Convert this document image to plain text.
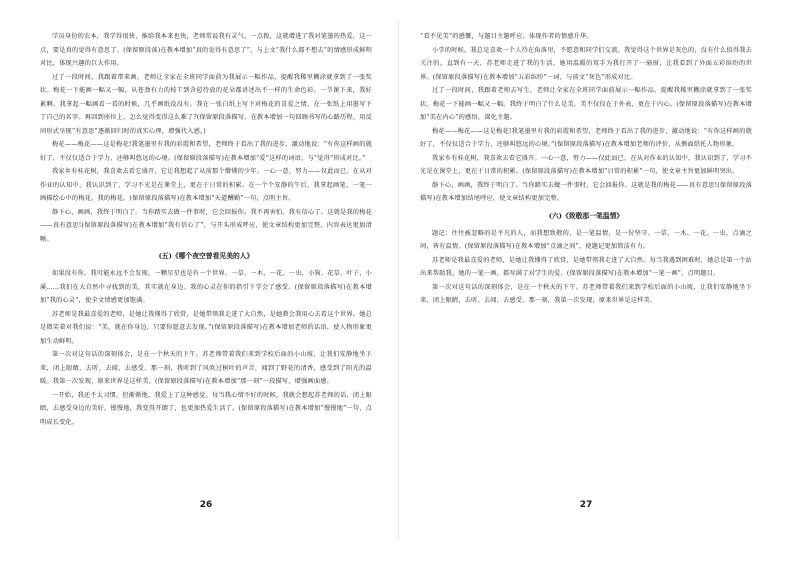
学员身份的农本，我学得很快，推给我本来也快，老师常说我有灵气。一点拨，这就增进了我对笔墨的热爱，这一点，要是真的觉得有意思了。(保留原段落)在教本增加“真的觉得有意思了”，与上文“我什么都不想去”的情感形成鲜明对比，体现兴趣的巨大作用。

过了一段时间，我跟着带来画，老师让全家在全班同学面前为我展示一幅作品，提醒我稀里糊涂就拿到了一张奖状。梅花一下能画一幅又一幅，从苍劲有力的枝干到含苞待放的花朵都讲述出不一样的生命色彩。一节课下来，我好累啊。我拿起一幅画看一看的时候，几乎画纸没没有。我在一张白纸上写下对梅花的喜爱之情，在一张纸上用墨写下了自己的名字。再回到座位上，怎么觉得变得这么难了?(保留原段落描写。在教本增加一句回顾书写的心路历程，用反问形式呈现“有意思”逐渐回归时的真实心理，增强代入感。)

梅花——梅花——这是梅花!我笔墨里有我的彩霞和希望，老师终于看出了我的进步，激动地说：“有你这样画的就好了，不仅仅适合于学力，还够叫悠远的心境。(保留原段落描写)在教本增加“爱”这样的词语，与“觉得”形成对比。”

我家乡有桂花树，我喜欢去看它盛开，它让我想起了从前那个懵懂的少年。一心一意，努力——仅此而已。在从对作业的认知中，我认识到了，学习不光是在课堂上，更在于日常的积累。在一个个安静的午后，我拿起画笔，一笔一画描绘心中的梅花，我的梅花。(保留原段落描写)在教本增加“天道酬勤”一句，点明主旨。

静下心，画画，我终于明白了。当你踏实去做一件事时，它会回报你。我不再害怕，我有信心了。这就是我的梅花——真有意思!(保留原段落描写)在教本增加“我有信心了”，与开头形成呼应，使文章结构更加完整，内容表达更加清晰。

(五)《哪个夜空曾看见美的人》

如果没有你，我可能永远不会发现，一颗星星也是有一个世界。一草、一木、一花、一虫，小狗、花草、叶子、小溪……我们在大自然中寻找到的美，其实就在身边。我的心灵在你的指引下学会了感受。(保留原段落描写)在教本增加“我的心灵”，使全文情感更加饱满。

苏老师是我最喜爱的老师，是她让我懂得了欣赏，是她带领我走进了大自然，是她教会我用心去看这个世界。她总是微笑着对我们说：“美，就在你身边，只要你愿意去发现。”(保留原段落描写)在教本增加老师的话语，使人物形象更加生动鲜明。

第一次对这句话的深刻体会，是在一个秋天的下午。苏老师带着我们来到学校后面的小山坡，让我们安静地坐下来，闭上眼睛，去听、去闻、去感受。那一刻，我听到了风吹过树叶的声音，闻到了野花的清香，感受到了阳光的温暖。我第一次发现，原来世界是这样美。(保留原段落描写)在教本增加“那一刻”一段描写，增强画面感。

一开始，我还不太习惯，但渐渐地，我爱上了这种感觉。每当我心情不好的时候，我就会想起苏老师的话，闭上眼睛，去感受身边的美好。慢慢地，我变得开朗了，也更加热爱生活了。(保留原段落描写)在教本增加“慢慢地”一句，点明成长变化。

26

“看不见美”的感慨，与题目主题呼应，体现作者的情感升华。

小学的时候，我总是喜欢一个人待在角落里，不愿意和同学们交流。我觉得这个世界是灰色的，没有什么值得我去关注的。直到有一天，苏老师走进了我的生活，她用温暖的双手为我打开了一扇窗，让我看到了外面五彩缤纷的世界。(保留原段落描写)在教本增加“五彩缤纷”一词，与前文“灰色”形成对比。

过了一段时间，我跟着老师去写生，老师让全家在全班同学面前展示一幅作品，提醒我稀里糊涂就拿到了一张奖状。梅花一下能画一幅又一幅。我终于明白了什么是美，美不仅仅在于外表，更在于内心。(保留原段落描写)在教本增加“美在内心”的感悟，深化主题。

梅花——梅花——这是梅花!我笔墨里有我的彩霞和希望，老师终于看出了我的进步，激动地说：“有你这样画的就好了，不仅仅适合于学力，还够叫悠远的心境。”(保留原段落描写)在教本增加老师的评价，从侧面烘托人物形象。

我家乡有桂花树，我喜欢去看它盛开。一心一意，努力——仅此而已。在从对作业的认知中，我认识到了，学习不光是在课堂上，更在于日常的积累。(保留原段落描写)在教本增加“日常的积累”一句，使文章主旨更加鲜明突出。

静下心，画画，我终于明白了。当你踏实去做一件事时，它会回报你。这就是我的梅花——真有意思!(保留原段落描写)在教本增加结尾呼应，使文章结构更加完整。

(六)《致敬那一笔温情》

题记：往往被忽略的是平凡的人，而我想致敬的，是一笔温情，是一份坚守。一草、一木、一花、一虫，点滴之间，皆有温情。(保留原段落描写)在教本增加“点滴之间”，使题记更加简洁有力。

苏老师是我最喜爱的老师，是她让我懂得了欣赏，是她带领我走进了大自然。每当我遇到困难时，她总是第一个站出来帮助我。她的一笔一画，都写满了对学生的爱。(保留原段落描写)在教本增加“一笔一画”，点明题目。

第一次对这句话的深刻体会，是在一个秋天的下午。苏老师带着我们来到学校后面的小山坡，让我们安静地坐下来，闭上眼睛，去听、去闻、去感受。那一刻，我第一次发现，原来世界是这样美。

27
